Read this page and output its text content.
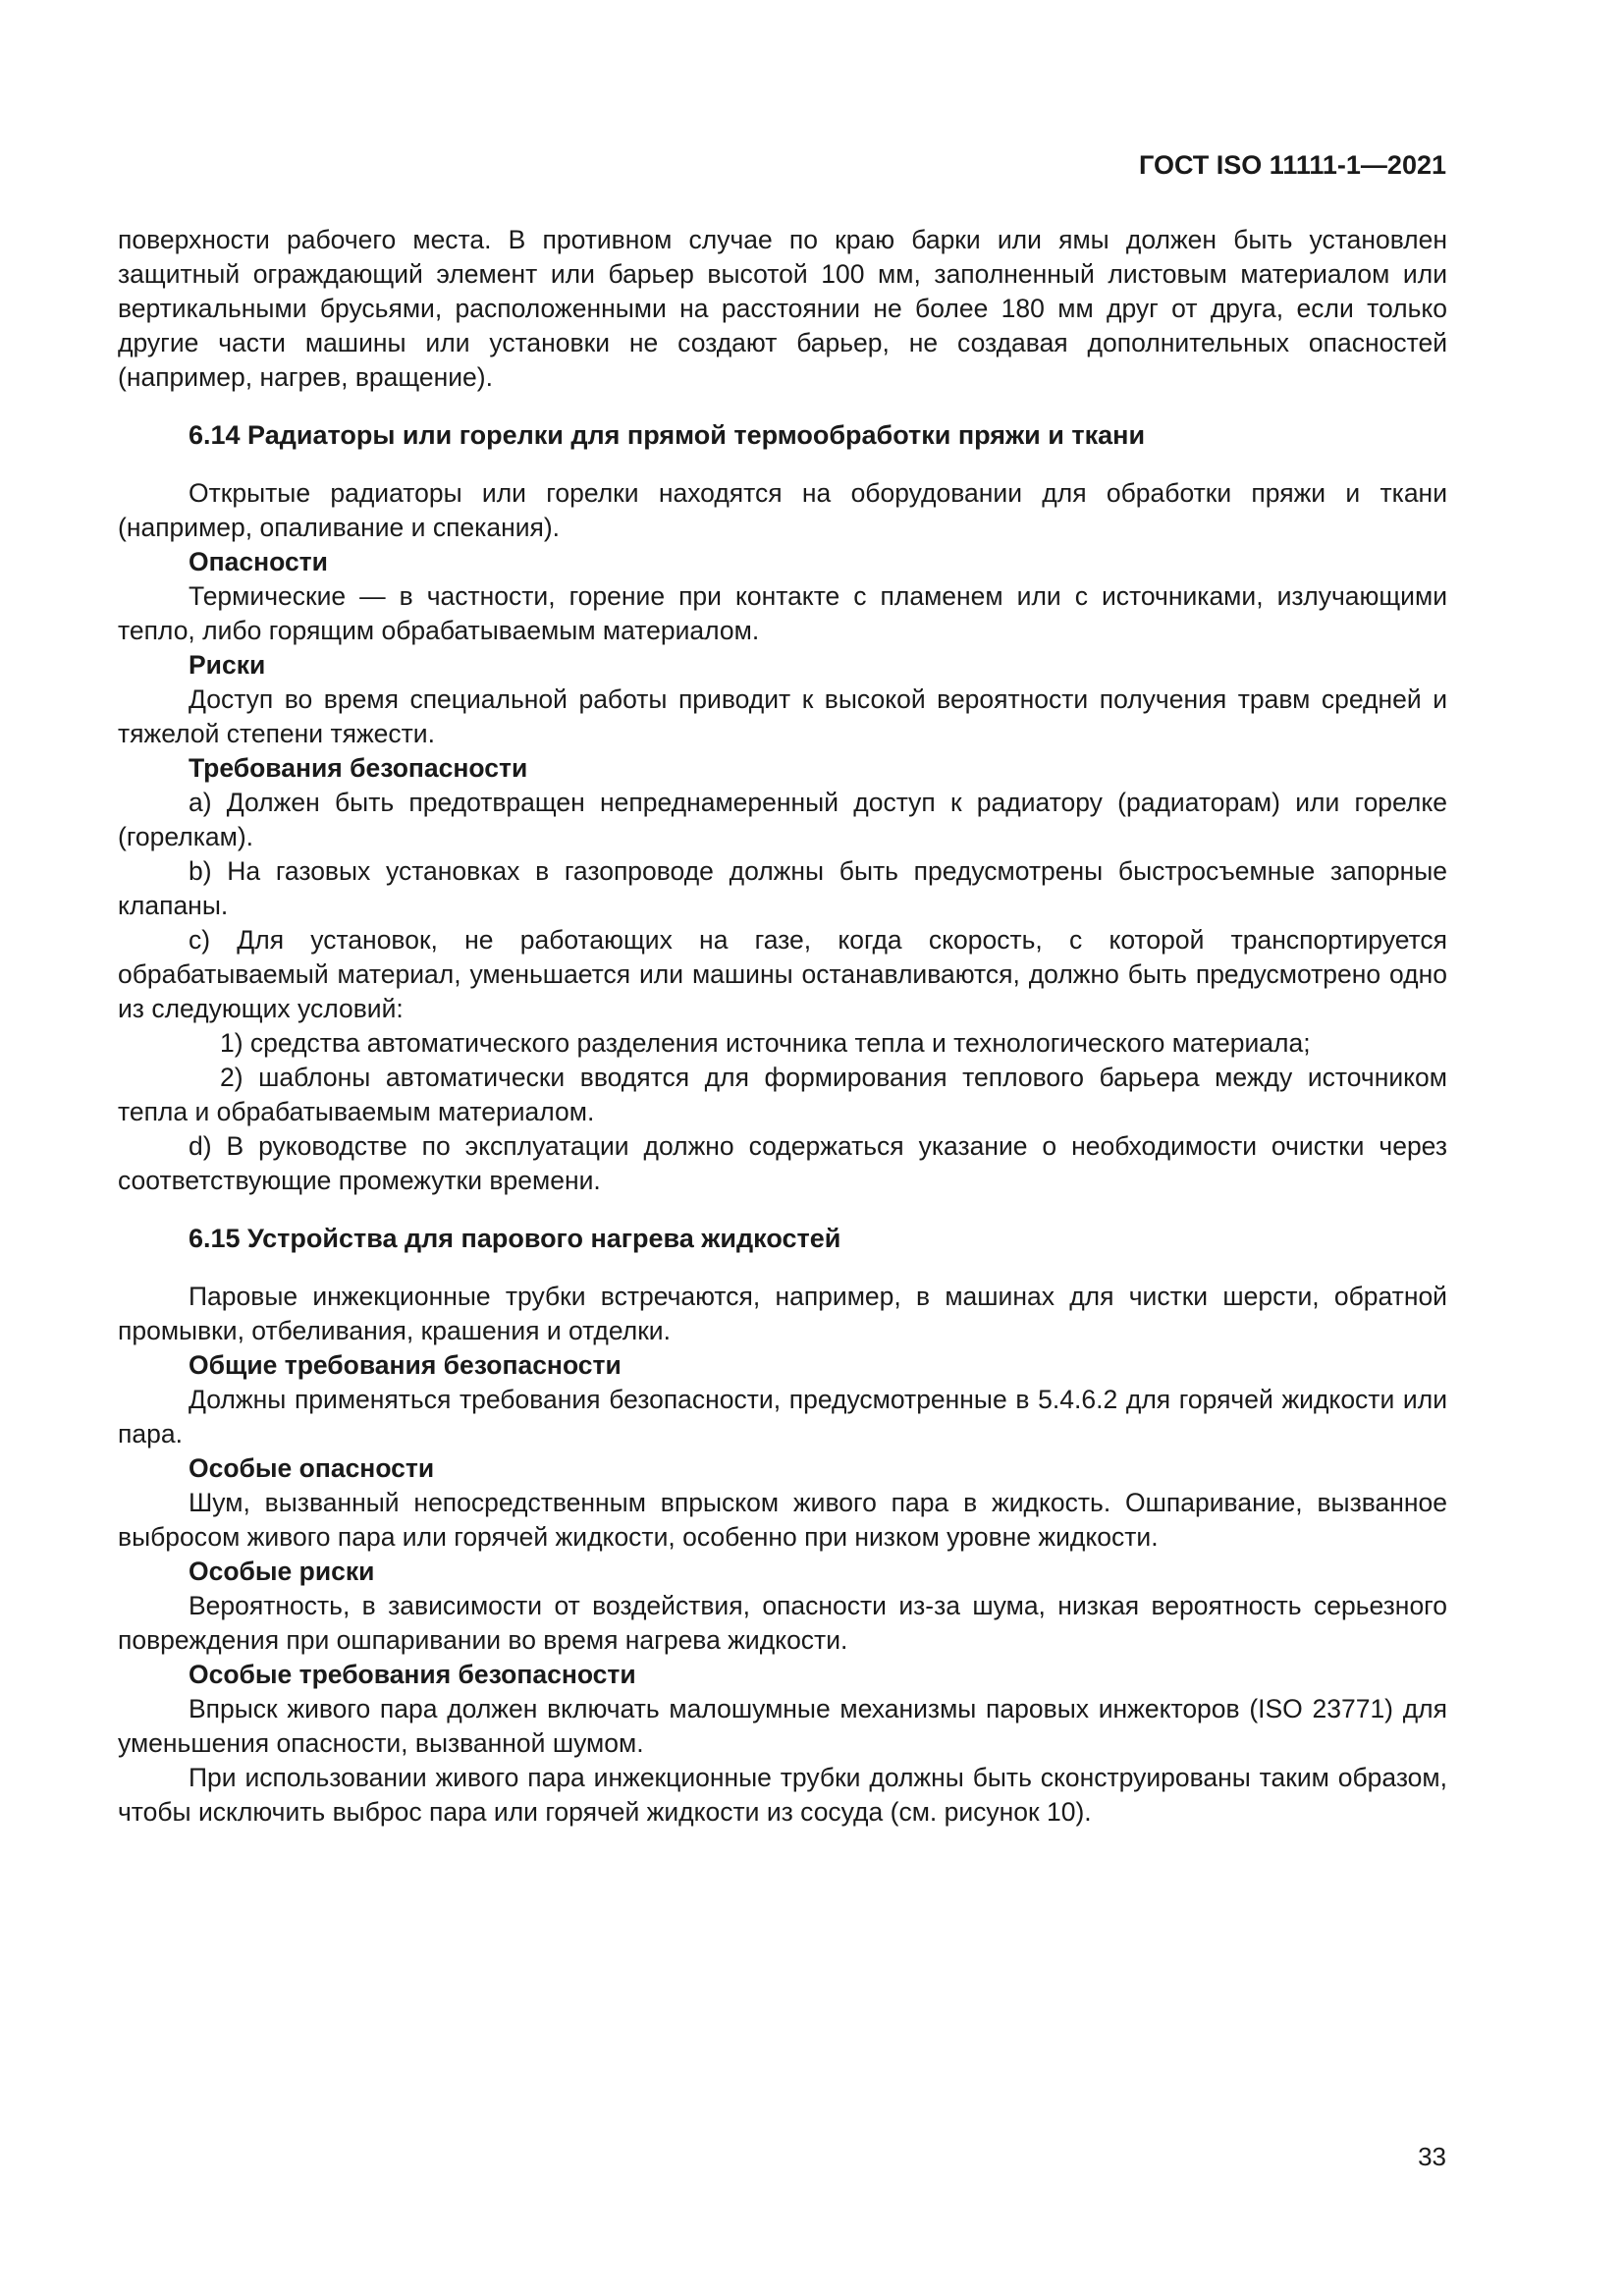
ГОСТ ISO 11111-1—2021

поверхности рабочего места. В противном случае по краю барки или ямы должен быть установлен защитный ограждающий элемент или барьер высотой 100 мм, заполненный листовым материалом или вертикальными брусьями, расположенными на расстоянии не более 180 мм друг от друга, если только другие части машины или установки не создают барьер, не создавая дополнительных опасностей (например, нагрев, вращение).

6.14 Радиаторы или горелки для прямой термообработки пряжи и ткани

Открытые радиаторы или горелки находятся на оборудовании для обработки пряжи и ткани (например, опаливание и спекания).

Опасности

Термические — в частности, горение при контакте с пламенем или с источниками, излучающими тепло, либо горящим обрабатываемым материалом.

Риски

Доступ во время специальной работы приводит к высокой вероятности получения травм средней и тяжелой степени тяжести.

Требования безопасности

a) Должен быть предотвращен непреднамеренный доступ к радиатору (радиаторам) или горелке (горелкам).

b) На газовых установках в газопроводе должны быть предусмотрены быстросъемные запорные клапаны.

c) Для установок, не работающих на газе, когда скорость, с которой транспортируется обрабатываемый материал, уменьшается или машины останавливаются, должно быть предусмотрено одно из следующих условий:

1) средства автоматического разделения источника тепла и технологического материала;

2) шаблоны автоматически вводятся для формирования теплового барьера между источником тепла и обрабатываемым материалом.

d) В руководстве по эксплуатации должно содержаться указание о необходимости очистки через соответствующие промежутки времени.

6.15 Устройства для парового нагрева жидкостей

Паровые инжекционные трубки встречаются, например, в машинах для чистки шерсти, обратной промывки, отбеливания, крашения и отделки.

Общие требования безопасности

Должны применяться требования безопасности, предусмотренные в 5.4.6.2 для горячей жидкости или пара.

Особые опасности

Шум, вызванный непосредственным впрыском живого пара в жидкость. Ошпаривание, вызванное выбросом живого пара или горячей жидкости, особенно при низком уровне жидкости.

Особые риски

Вероятность, в зависимости от воздействия, опасности из-за шума, низкая вероятность серьезного повреждения при ошпаривании во время нагрева жидкости.

Особые требования безопасности

Впрыск живого пара должен включать малошумные механизмы паровых инжекторов (ISO 23771) для уменьшения опасности, вызванной шумом.

При использовании живого пара инжекционные трубки должны быть сконструированы таким образом, чтобы исключить выброс пара или горячей жидкости из сосуда (см. рисунок 10).

33
